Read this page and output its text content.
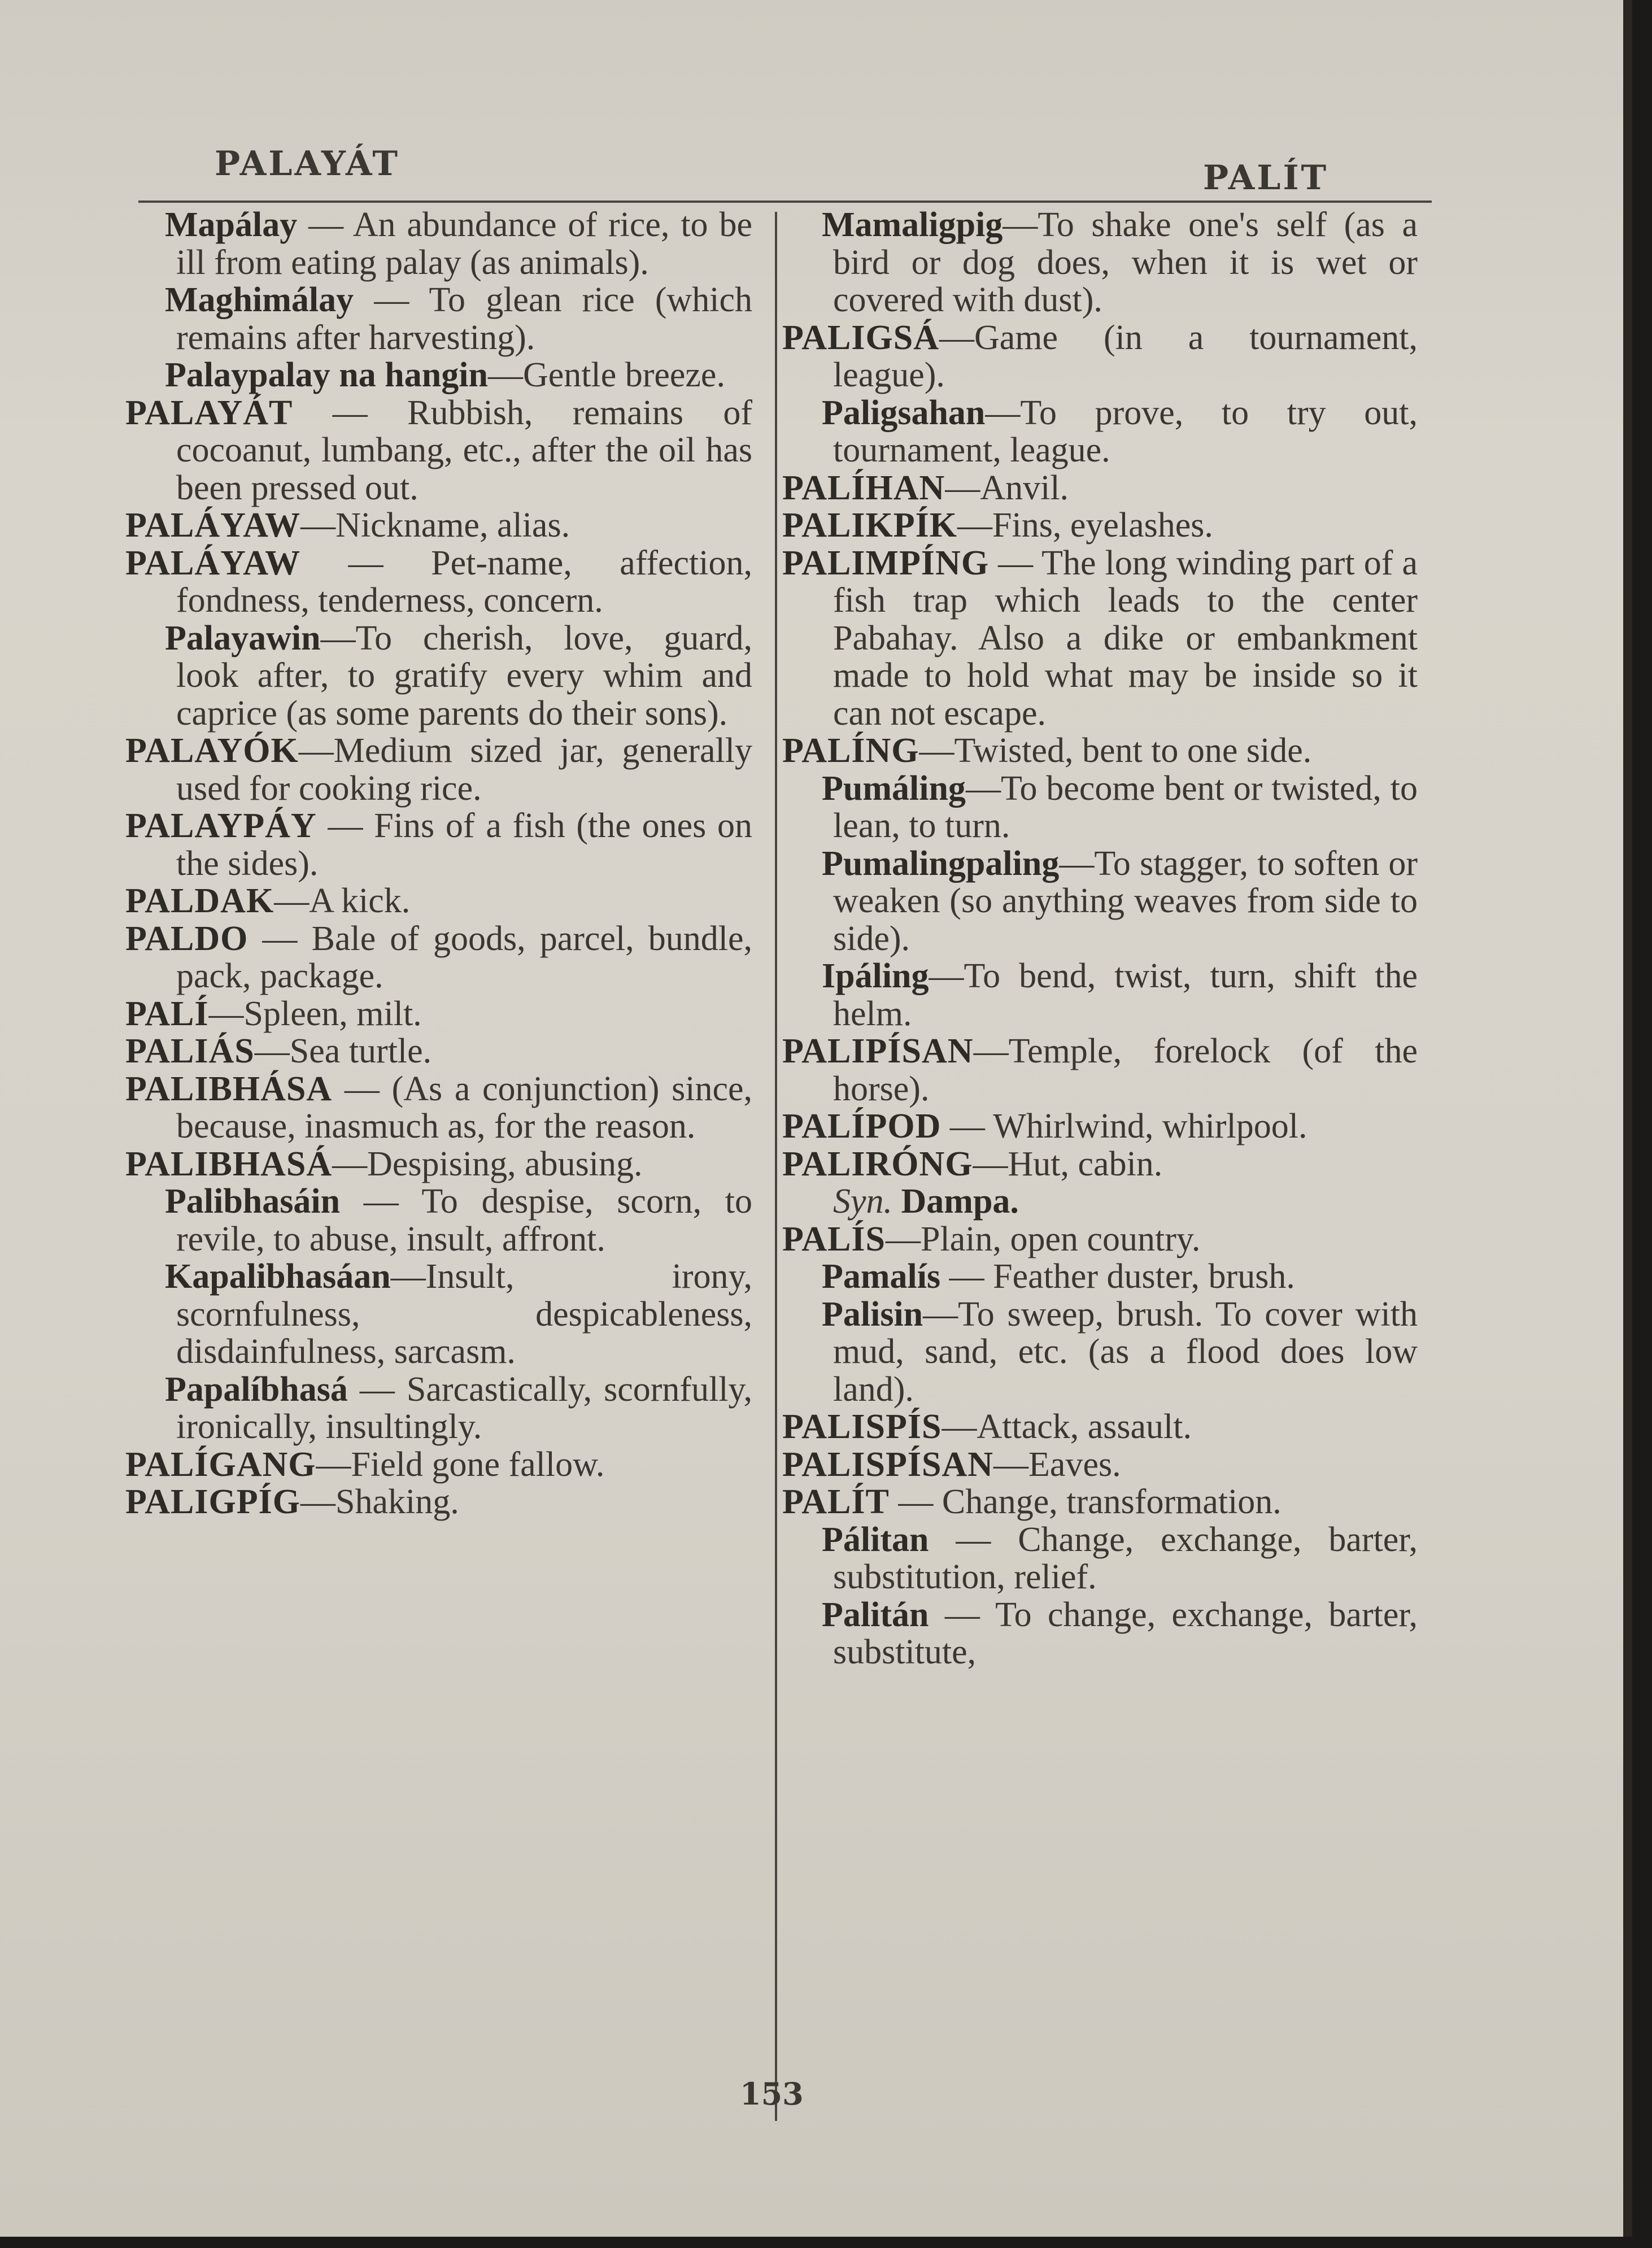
PALAYÁT	PALÍT

Mapálay — An abundance of rice, to be ill from eating palay (as animals).

Maghimálay — To glean rice (which remains after harvesting).

Palaypalay na hangin—Gentle breeze.

PALAYÁT — Rubbish, remains of cocoanut, lumbang, etc., after the oil has been pressed out.

PALÁYAW—Nickname, alias.

PALÁYAW — Pet-name, affection, fondness, tenderness, concern.

Palayawin—To cherish, love, guard, look after, to gratify every whim and caprice (as some parents do their sons).

PALAYÓK—Medium sized jar, generally used for cooking rice.

PALAYPÁY — Fins of a fish (the ones on the sides).

PALDAK—A kick.

PALDO — Bale of goods, parcel, bundle, pack, package.

PALÍ—Spleen, milt.

PALIÁS—Sea turtle.

PALIBHÁSA — (As a conjunction) since, because, inasmuch as, for the reason.

PALIBHASÁ—Despising, abusing.

Palibhasáin — To despise, scorn, to revile, to abuse, insult, affront.

Kapalibhasáan—Insult, irony, scornfulness, despicableness, disdainfulness, sarcasm.

Papalíbhasá — Sarcastically, scornfully, ironically, insultingly.

PALÍGANG—Field gone fallow.

PALIGPÍG—Shaking.

Mamaligpig—To shake one's self (as a bird or dog does, when it is wet or covered with dust).

PALIGSÁ—Game (in a tournament, league).

Paligsahan—To prove, to try out, tournament, league.

PALÍHAN—Anvil.

PALIKPÍK—Fins, eyelashes.

PALIMPÍNG — The long winding part of a fish trap which leads to the center Pabahay. Also a dike or embankment made to hold what may be inside so it can not escape.

PALÍNG—Twisted, bent to one side.

Pumáling—To become bent or twisted, to lean, to turn.

Pumalingpaling—To stagger, to soften or weaken (so anything weaves from side to side).

Ipáling—To bend, twist, turn, shift the helm.

PALIPÍSAN—Temple, forelock (of the horse).

PALÍPOD — Whirlwind, whirlpool.

PALIRÓNG—Hut, cabin.

Syn. Dampa.

PALÍS—Plain, open country.

Pamalís — Feather duster, brush.

Palisin—To sweep, brush. To cover with mud, sand, etc. (as a flood does low land).

PALISPÍS—Attack, assault.

PALISPÍSAN—Eaves.

PALÍT — Change, transformation.

Pálitan — Change, exchange, barter, substitution, relief.

Palitán — To change, exchange, barter, substitute,

153
